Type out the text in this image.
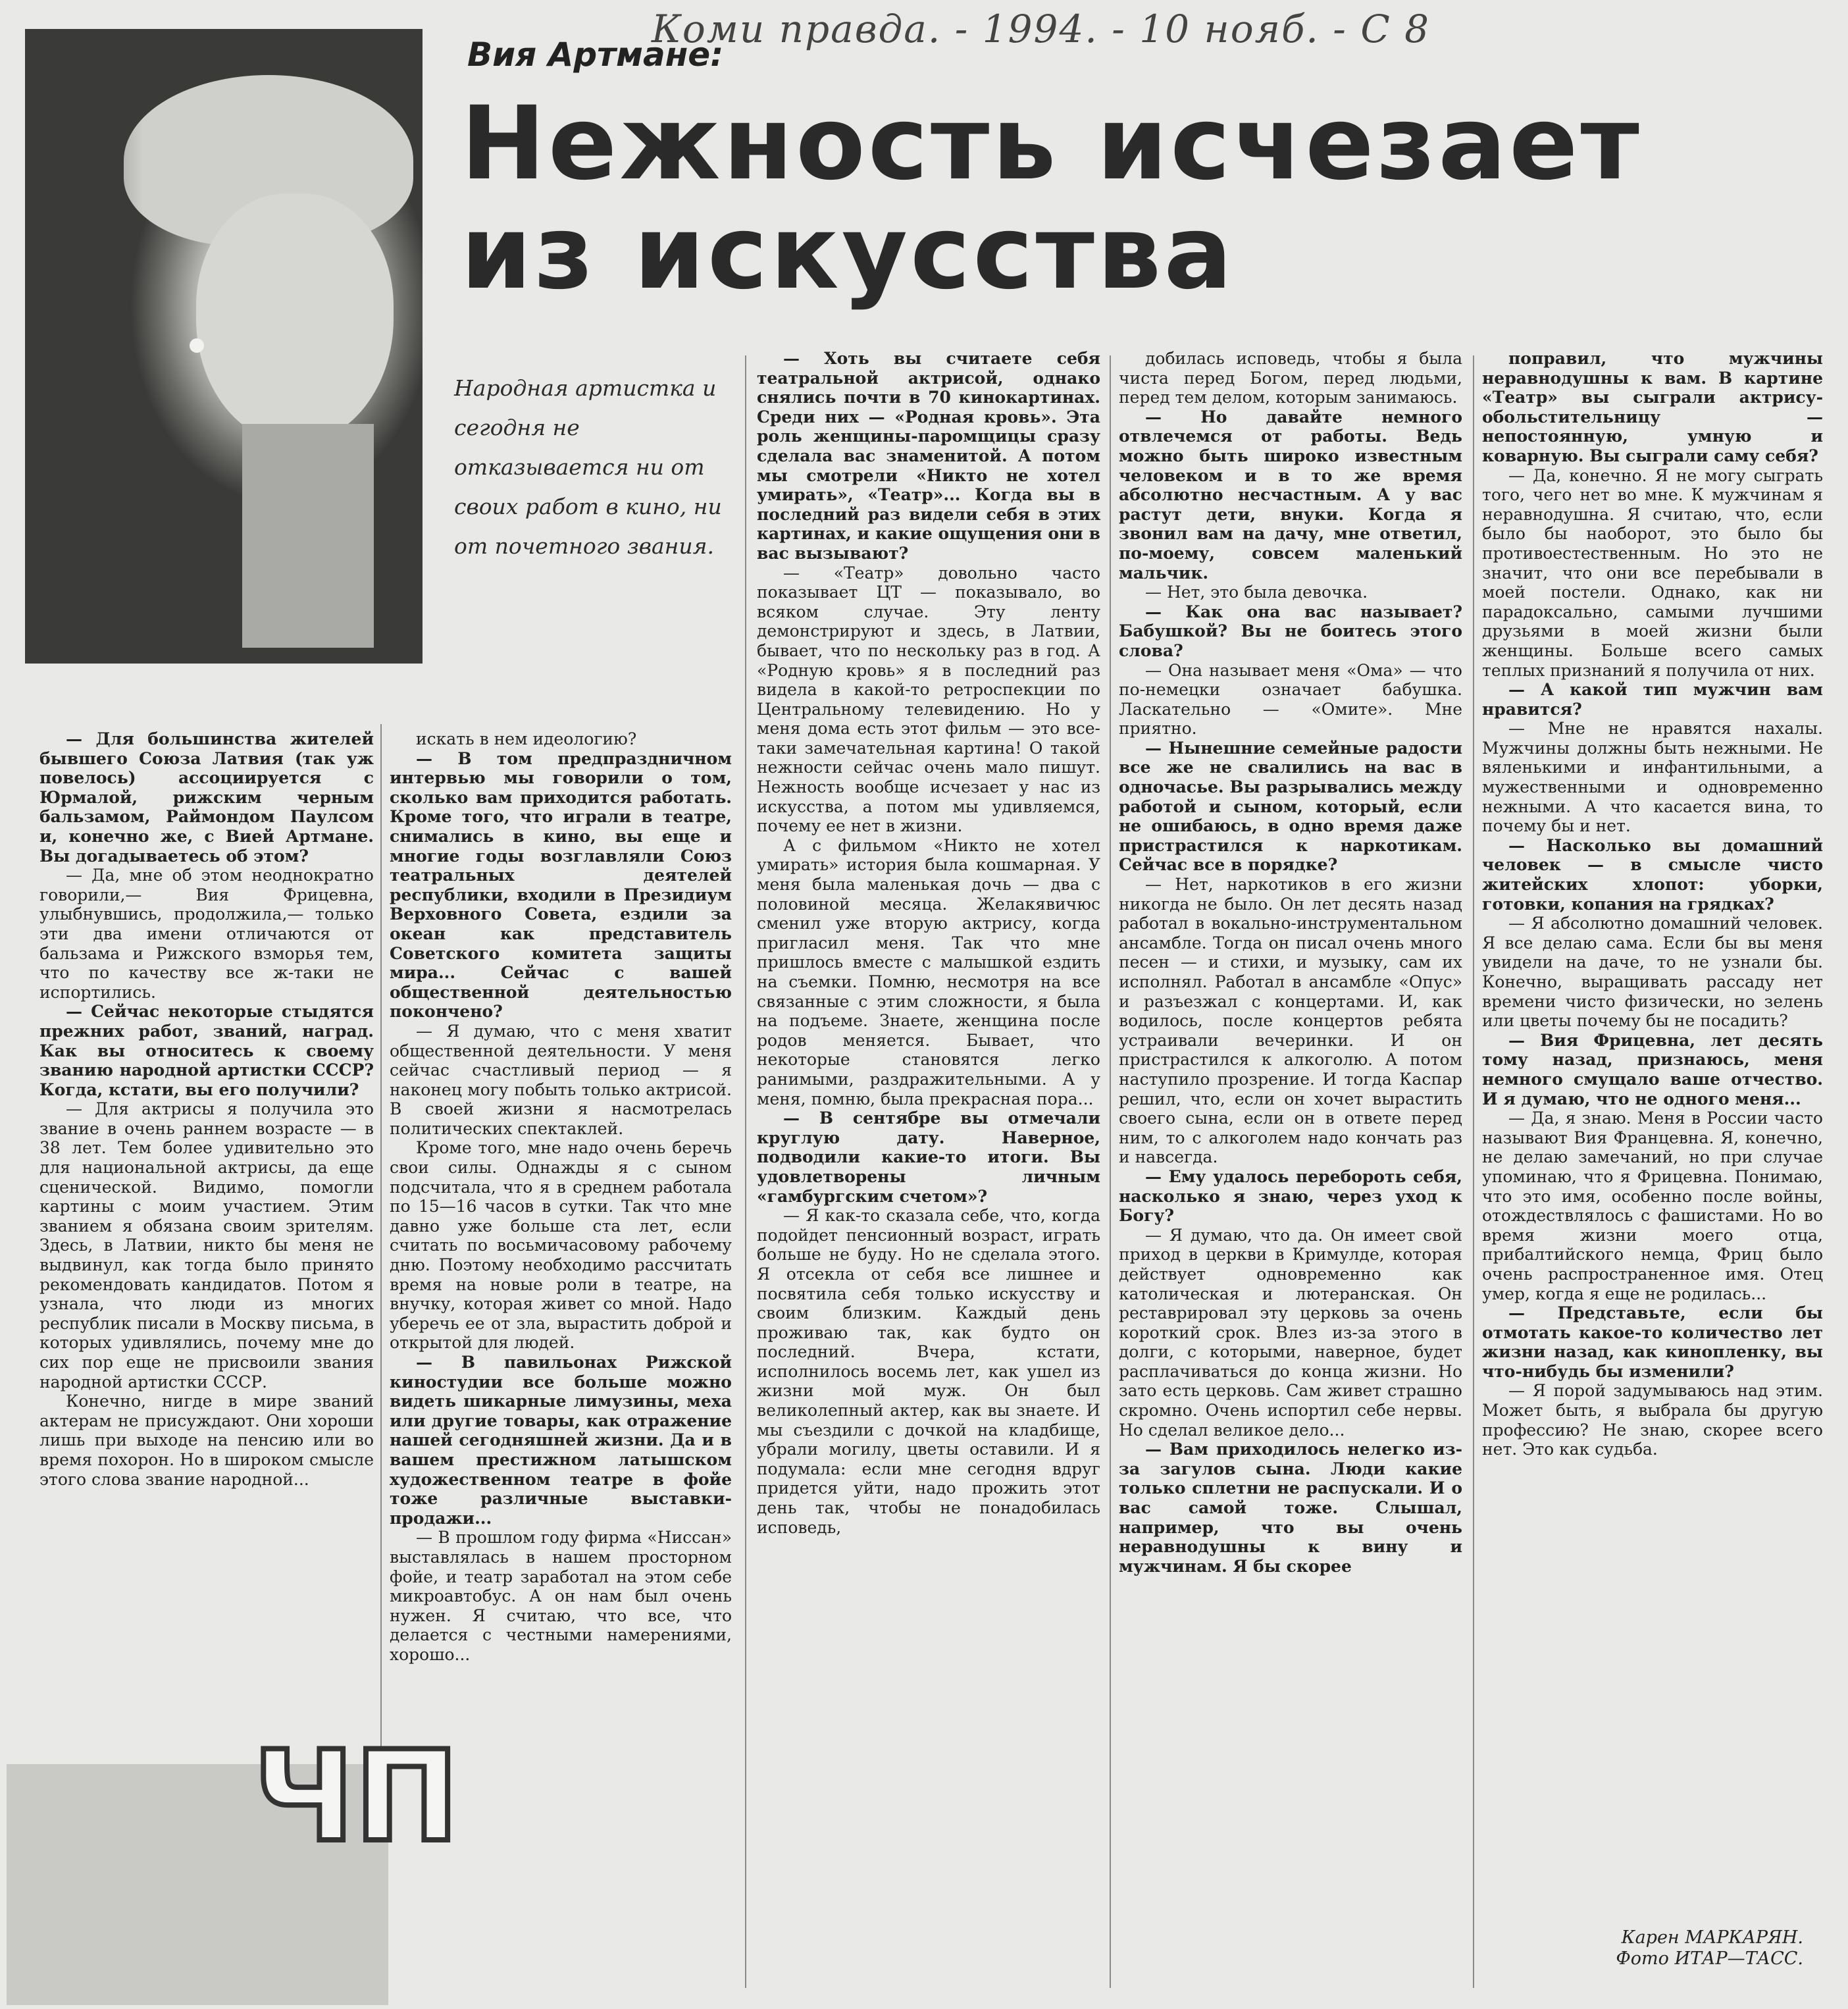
Коми правда. - 1994. - 10 нояб. - С 8
Вия Артмане:
Нежность исчезает из искусства

Народная артистка и сегодня не отказывается ни от своих работ в кино, ни от почетного звания.

— Для большинства жителей бывшего Союза Латвия (так уж повелось) ассоциируется с Юрмалой, рижским черным бальзамом, Раймондом Паулсом и, конечно же, с Вией Артмане. Вы догадываетесь об этом?

— Да, мне об этом неоднократно говорили,— Вия Фрицевна, улыбнувшись, продолжила,— только эти два имени отличаются от бальзама и Рижского взморья тем, что по качеству все ж-таки не испортились.

— Сейчас некоторые стыдятся прежних работ, званий, наград. Как вы относитесь к своему званию народной артистки СССР? Когда, кстати, вы его получили?

— Для актрисы я получила это звание в очень раннем возрасте — в 38 лет. Тем более удивительно это для национальной актрисы, да еще сценической. Видимо, помогли картины с моим участием. Этим званием я обязана своим зрителям. Здесь, в Латвии, никто бы меня не выдвинул, как тогда было принято рекомендовать кандидатов. Потом я узнала, что люди из многих республик писали в Москву письма, в которых удивлялись, почему мне до сих пор еще не присвоили звания народной артистки СССР.

Конечно, нигде в мире званий актерам не присуждают. Они хороши лишь при выходе на пенсию или во время похорон. Но в широком смысле этого слова звание народной...

искать в нем идеологию?

— В том предпраздничном интервью мы говорили о том, сколько вам приходится работать. Кроме того, что играли в театре, снимались в кино, вы еще и многие годы возглавляли Союз театральных деятелей республики, входили в Президиум Верховного Совета, ездили за океан как представитель Советского комитета защиты мира... Сейчас с вашей общественной деятельностью покончено?

— Я думаю, что с меня хватит общественной деятельности. У меня сейчас счастливый период — я наконец могу побыть только актрисой. В своей жизни я насмотрелась политических спектаклей.

Кроме того, мне надо очень беречь свои силы. Однажды я с сыном подсчитала, что я в среднем работала по 15—16 часов в сутки. Так что мне давно уже больше ста лет, если считать по восьмичасовому рабочему дню. Поэтому необходимо рассчитать время на новые роли в театре, на внучку, которая живет со мной. Надо уберечь ее от зла, вырастить доброй и открытой для людей.

— В павильонах Рижской киностудии все больше можно видеть шикарные лимузины, меха или другие товары, как отражение нашей сегодняшней жизни. Да и в вашем престижном латышском художественном театре в фойе тоже различные выставки-продажи...

— В прошлом году фирма «Ниссан» выставлялась в нашем просторном фойе, и театр заработал на этом себе микроавтобус. А он нам был очень нужен. Я считаю, что все, что делается с честными намерениями, хорошо...

— Хоть вы считаете себя театральной актрисой, однако снялись почти в 70 кинокартинах. Среди них — «Родная кровь». Эта роль женщины-паромщицы сразу сделала вас знаменитой. А потом мы смотрели «Никто не хотел умирать», «Театр»... Когда вы в последний раз видели себя в этих картинах, и какие ощущения они в вас вызывают?

— «Театр» довольно часто показывает ЦТ — показывало, во всяком случае. Эту ленту демонстрируют и здесь, в Латвии, бывает, что по нескольку раз в год. А «Родную кровь» я в последний раз видела в какой-то ретроспекции по Центральному телевидению. Но у меня дома есть этот фильм — это все-таки замечательная картина! О такой нежности сейчас очень мало пишут. Нежность вообще исчезает у нас из искусства, а потом мы удивляемся, почему ее нет в жизни.

А с фильмом «Никто не хотел умирать» история была кошмарная. У меня была маленькая дочь — два с половиной месяца. Желакявичюс сменил уже вторую актрису, когда пригласил меня. Так что мне пришлось вместе с малышкой ездить на съемки. Помню, несмотря на все связанные с этим сложности, я была на подъеме. Знаете, женщина после родов меняется. Бывает, что некоторые становятся легко ранимыми, раздражительными. А у меня, помню, была прекрасная пора...

— В сентябре вы отмечали круглую дату. Наверное, подводили какие-то итоги. Вы удовлетворены личным «гамбургским счетом»?

— Я как-то сказала себе, что, когда подойдет пенсионный возраст, играть больше не буду. Но не сделала этого. Я отсекла от себя все лишнее и посвятила себя только искусству и своим близким. Каждый день проживаю так, как будто он последний. Вчера, кстати, исполнилось восемь лет, как ушел из жизни мой муж. Он был великолепный актер, как вы знаете. И мы съездили с дочкой на кладбище, убрали могилу, цветы оставили. И я подумала: если мне сегодня вдруг придется уйти, надо прожить этот день так, чтобы не понадобилась исповедь,

добилась исповедь, чтобы я была чиста перед Богом, перед людьми, перед тем делом, которым занимаюсь.

— Но давайте немного отвлечемся от работы. Ведь можно быть широко известным человеком и в то же время абсолютно несчастным. А у вас растут дети, внуки. Когда я звонил вам на дачу, мне ответил, по-моему, совсем маленький мальчик.

— Нет, это была девочка.

— Как она вас называет? Бабушкой? Вы не боитесь этого слова?

— Она называет меня «Ома» — что по-немецки означает бабушка. Ласкательно — «Омите». Мне приятно.

— Нынешние семейные радости все же не свалились на вас в одночасье. Вы разрывались между работой и сыном, который, если не ошибаюсь, в одно время даже пристрастился к наркотикам. Сейчас все в порядке?

— Нет, наркотиков в его жизни никогда не было. Он лет десять назад работал в вокально-инструментальном ансамбле. Тогда он писал очень много песен — и стихи, и музыку, сам их исполнял. Работал в ансамбле «Опус» и разъезжал с концертами. И, как водилось, после концертов ребята устраивали вечеринки. И он пристрастился к алкоголю. А потом наступило прозрение. И тогда Каспар решил, что, если он хочет вырастить своего сына, если он в ответе перед ним, то с алкоголем надо кончать раз и навсегда.

— Ему удалось перебороть себя, насколько я знаю, через уход к Богу?

— Я думаю, что да. Он имеет свой приход в церкви в Кримулде, которая действует одновременно как католическая и лютеранская. Он реставрировал эту церковь за очень короткий срок. Влез из-за этого в долги, с которыми, наверное, будет расплачиваться до конца жизни. Но зато есть церковь. Сам живет страшно скромно. Очень испортил себе нервы. Но сделал великое дело...

— Вам приходилось нелегко из-за загулов сына. Люди какие только сплетни не распускали. И о вас самой тоже. Слышал, например, что вы очень неравнодушны к вину и мужчинам. Я бы скорее

поправил, что мужчины неравнодушны к вам. В картине «Театр» вы сыграли актрису-обольстительницу — непостоянную, умную и коварную. Вы сыграли саму себя?

— Да, конечно. Я не могу сыграть того, чего нет во мне. К мужчинам я неравнодушна. Я считаю, что, если было бы наоборот, это было бы противоестественным. Но это не значит, что они все перебывали в моей постели. Однако, как ни парадоксально, самыми лучшими друзьями в моей жизни были женщины. Больше всего самых теплых признаний я получила от них.

— А какой тип мужчин вам нравится?

— Мне не нравятся нахалы. Мужчины должны быть нежными. Не вяленькими и инфантильными, а мужественными и одновременно нежными. А что касается вина, то почему бы и нет.

— Насколько вы домашний человек — в смысле чисто житейских хлопот: уборки, готовки, копания на грядках?

— Я абсолютно домашний человек. Я все делаю сама. Если бы вы меня увидели на даче, то не узнали бы. Конечно, выращивать рассаду нет времени чисто физически, но зелень или цветы почему бы не посадить?

— Вия Фрицевна, лет десять тому назад, признаюсь, меня немного смущало ваше отчество. И я думаю, что не одного меня...

— Да, я знаю. Меня в России часто называют Вия Францевна. Я, конечно, не делаю замечаний, но при случае упоминаю, что я Фрицевна. Понимаю, что это имя, особенно после войны, отождествлялось с фашистами. Но во время жизни моего отца, прибалтийского немца, Фриц было очень распространенное имя. Отец умер, когда я еще не родилась...

— Представьте, если бы отмотать какое-то количество лет жизни назад, как кинопленку, вы что-нибудь бы изменили?

— Я порой задумываюсь над этим. Может быть, я выбрала бы другую профессию? Не знаю, скорее всего нет. Это как судьба.

ЧП
Карен МАРКАРЯН.
Фото ИТАР—ТАСС.
